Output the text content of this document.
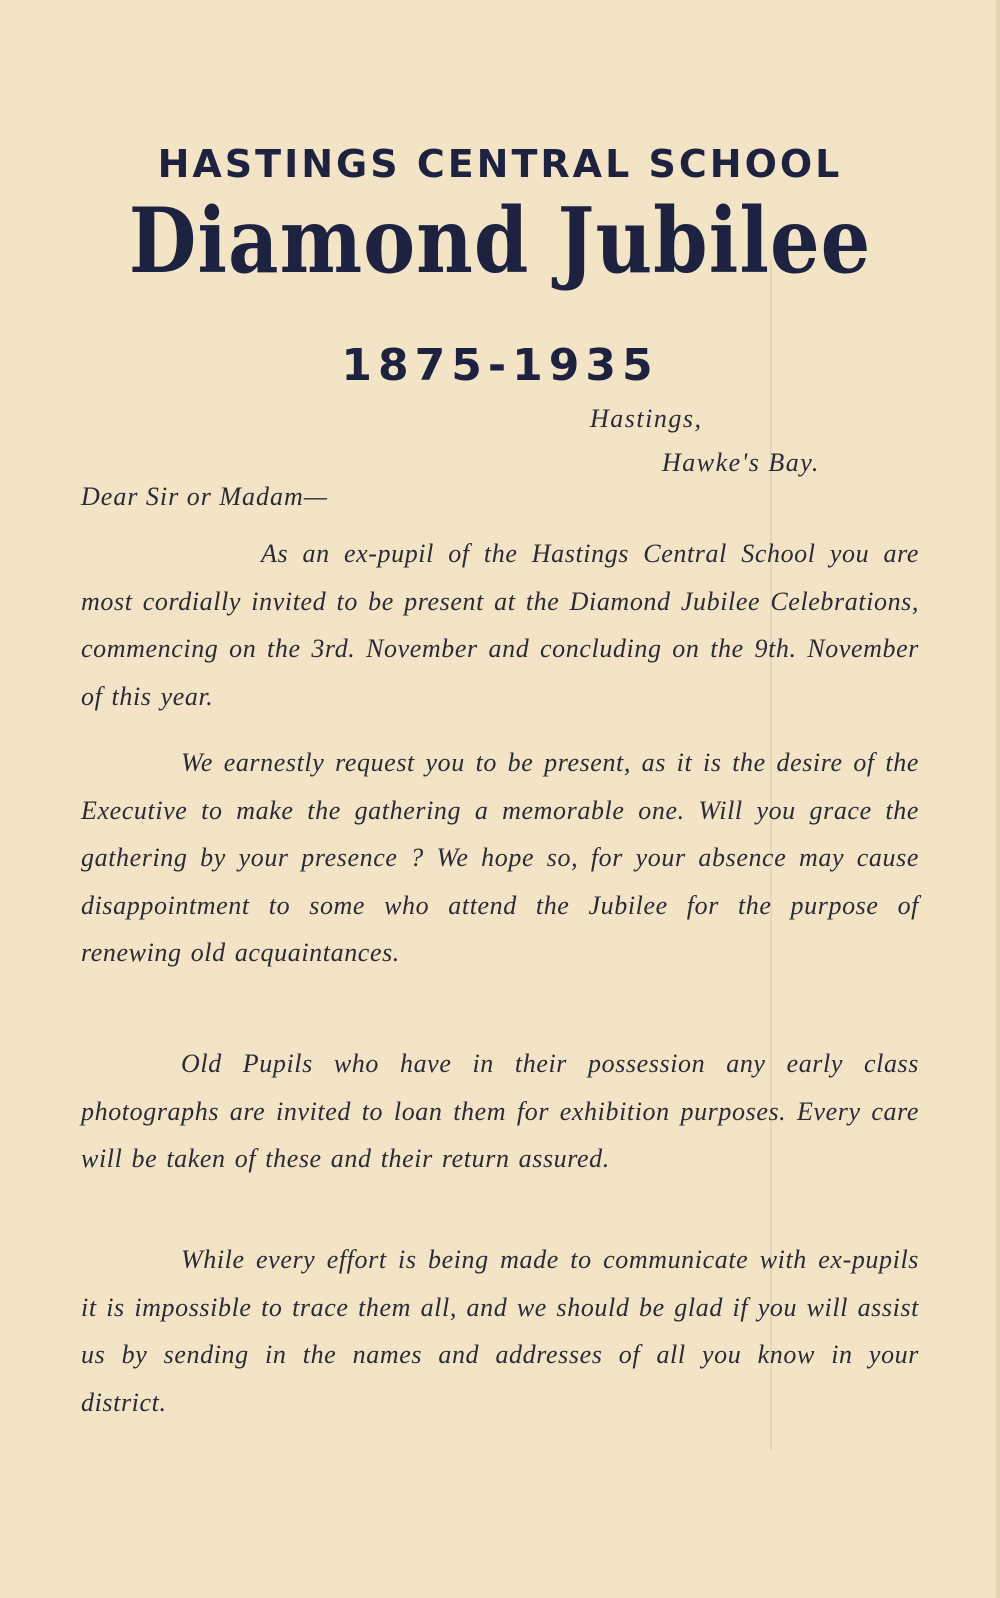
HASTINGS CENTRAL SCHOOL
Diamond Jubilee
1875-1935

Hastings,

Hawke's Bay.

Dear Sir or Madam—

As an ex-pupil of the Hastings Central School you are most cordially invited to be present at the Diamond Jubilee Celebrations, commencing on the 3rd. November and concluding on the 9th. November of this year.

We earnestly request you to be present, as it is the desire of the Executive to make the gathering a memorable one. Will you grace the gathering by your presence ? We hope so, for your absence may cause disappointment to some who attend the Jubilee for the purpose of renewing old acquaintances.

Old Pupils who have in their possession any early class photographs are invited to loan them for exhibition purposes. Every care will be taken of these and their return assured.

While every effort is being made to communicate with ex-pupils it is impossible to trace them all, and we should be glad if you will assist us by sending in the names and addresses of all you know in your district.
